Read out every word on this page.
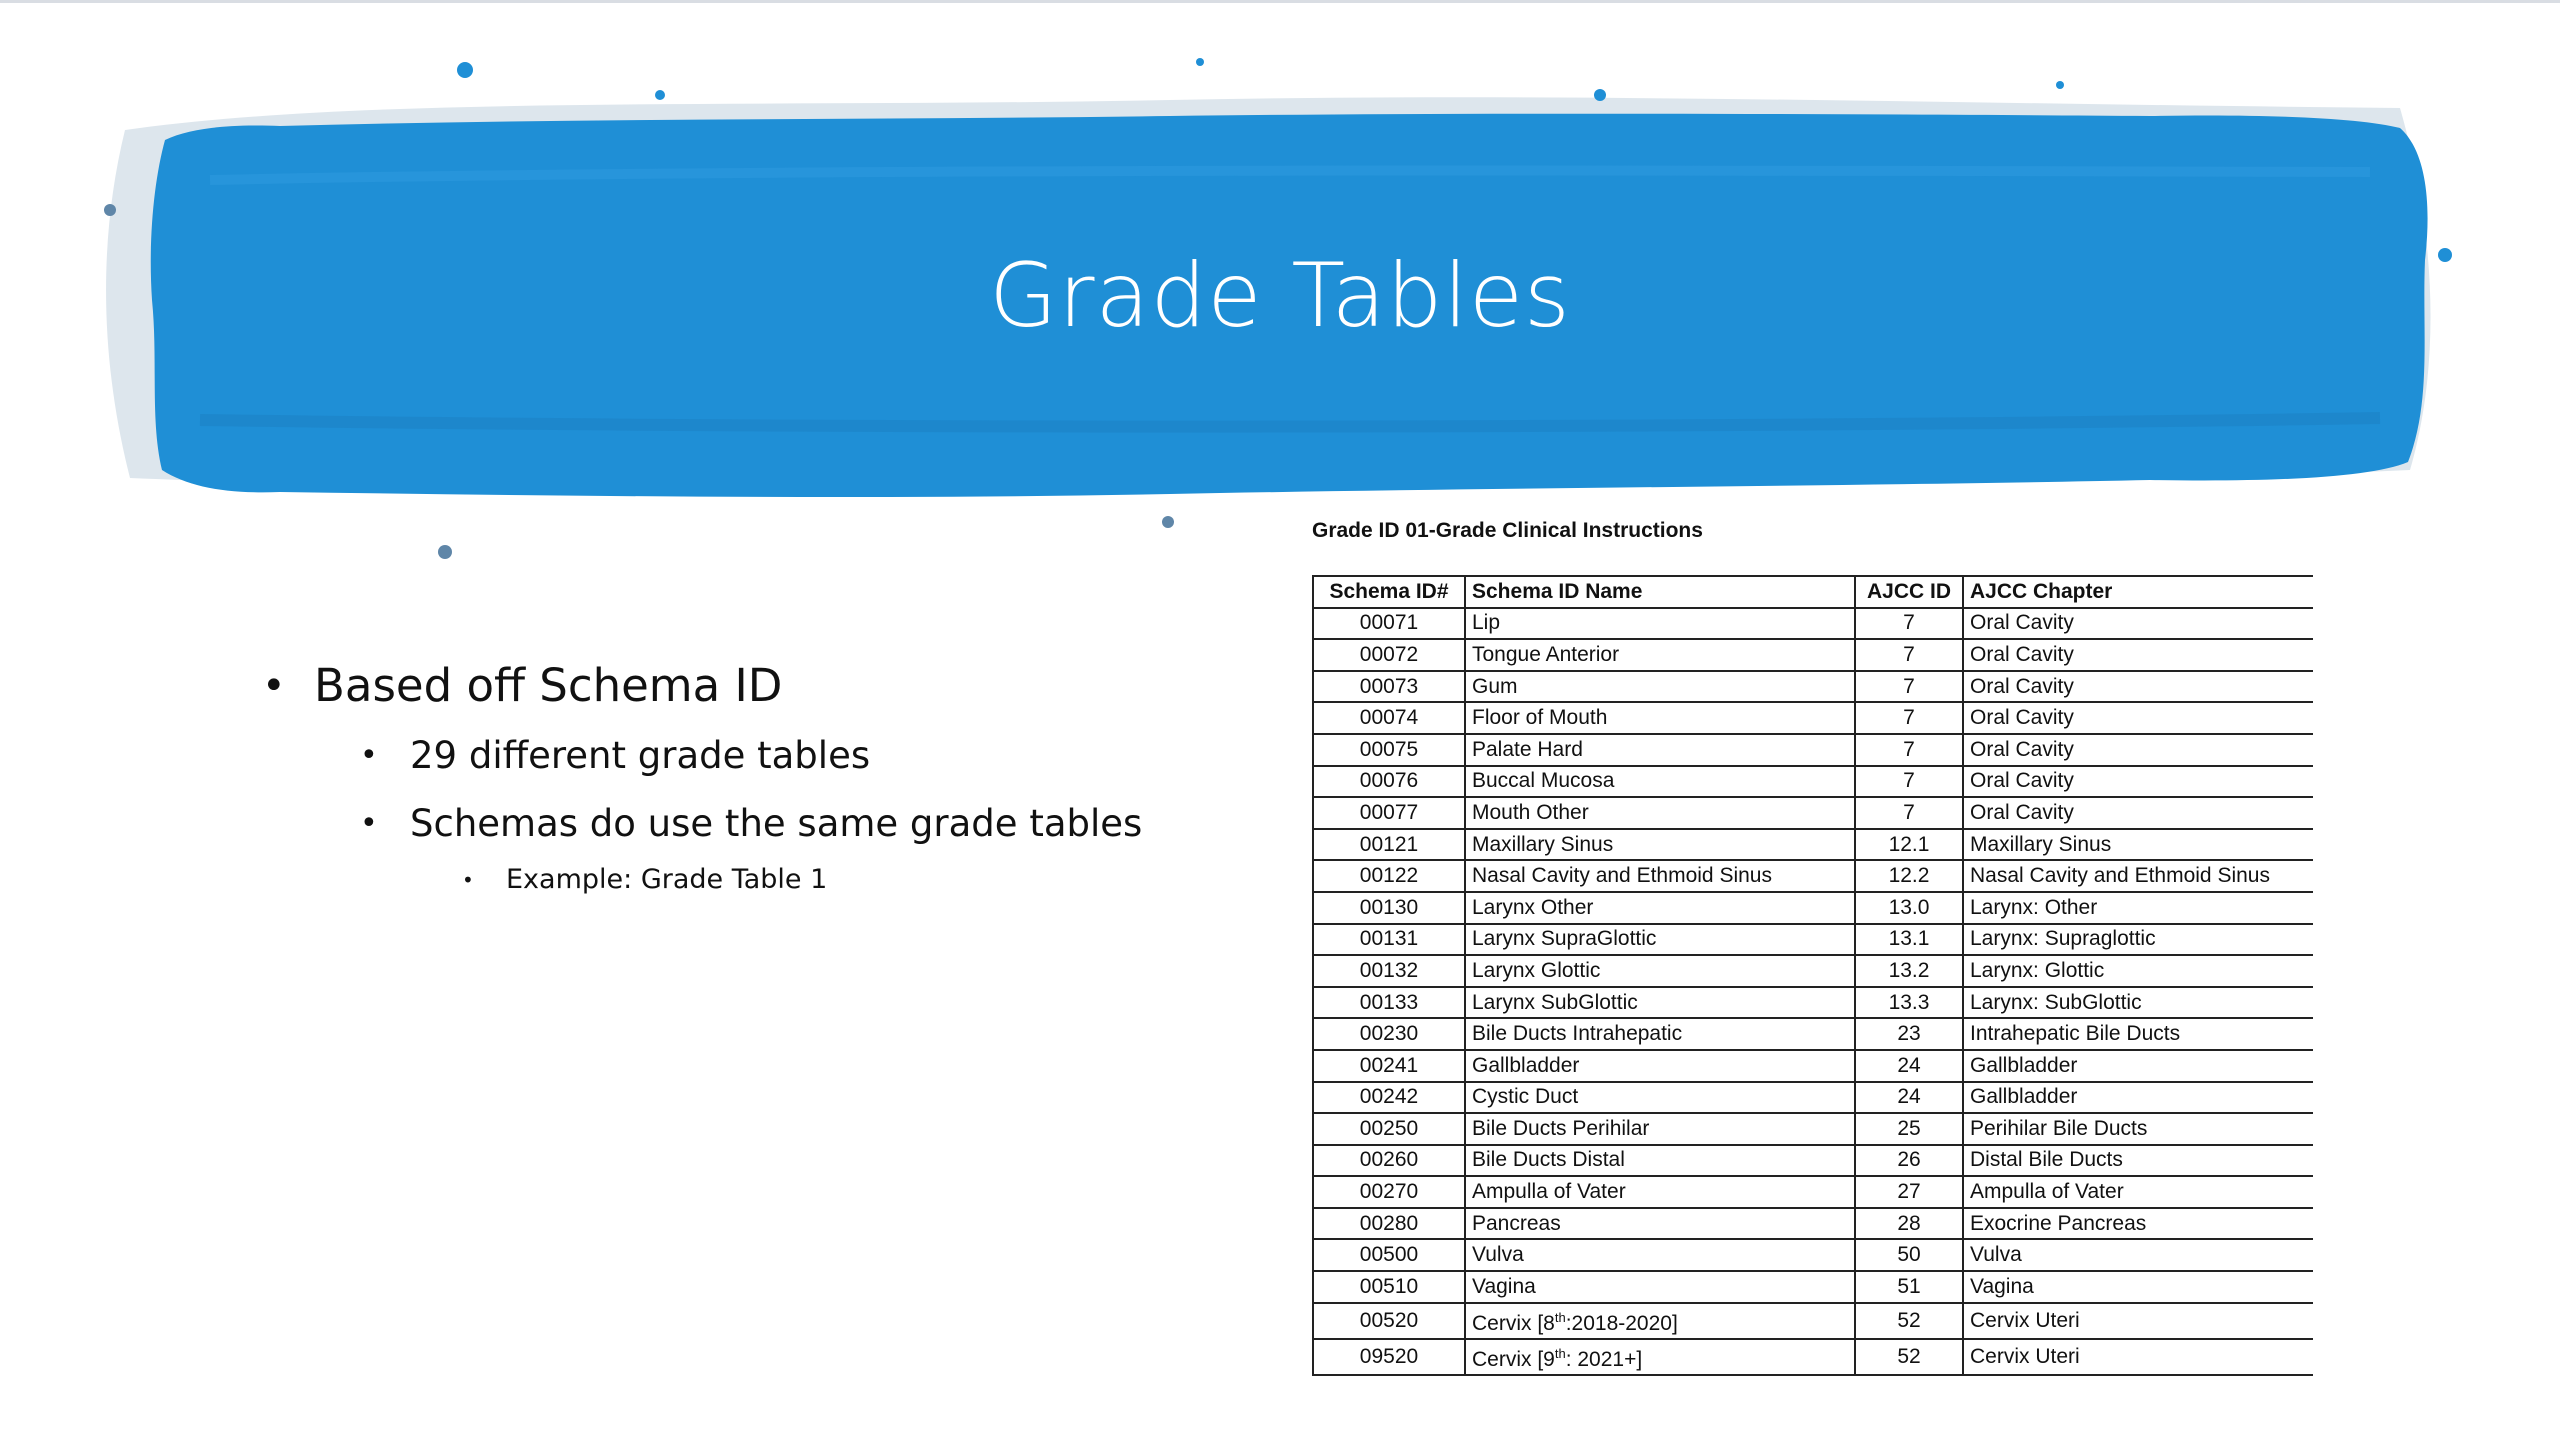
Grade Tables
• Based off Schema ID
• 29 different grade tables
• Schemas do use the same grade tables
• Example: Grade Table 1
Grade ID 01-Grade Clinical Instructions
Schema ID#	Schema ID Name	AJCC ID	AJCC Chapter
00071	Lip	7	Oral Cavity
00072	Tongue Anterior	7	Oral Cavity
00073	Gum	7	Oral Cavity
00074	Floor of Mouth	7	Oral Cavity
00075	Palate Hard	7	Oral Cavity
00076	Buccal Mucosa	7	Oral Cavity
00077	Mouth Other	7	Oral Cavity
00121	Maxillary Sinus	12.1	Maxillary Sinus
00122	Nasal Cavity and Ethmoid Sinus	12.2	Nasal Cavity and Ethmoid Sinus
00130	Larynx Other	13.0	Larynx: Other
00131	Larynx SupraGlottic	13.1	Larynx: Supraglottic
00132	Larynx Glottic	13.2	Larynx: Glottic
00133	Larynx SubGlottic	13.3	Larynx: SubGlottic
00230	Bile Ducts Intrahepatic	23	Intrahepatic Bile Ducts
00241	Gallbladder	24	Gallbladder
00242	Cystic Duct	24	Gallbladder
00250	Bile Ducts Perihilar	25	Perihilar Bile Ducts
00260	Bile Ducts Distal	26	Distal Bile Ducts
00270	Ampulla of Vater	27	Ampulla of Vater
00280	Pancreas	28	Exocrine Pancreas
00500	Vulva	50	Vulva
00510	Vagina	51	Vagina
00520	Cervix [8th:2018-2020]	52	Cervix Uteri
09520	Cervix [9th: 2021+]	52	Cervix Uteri
